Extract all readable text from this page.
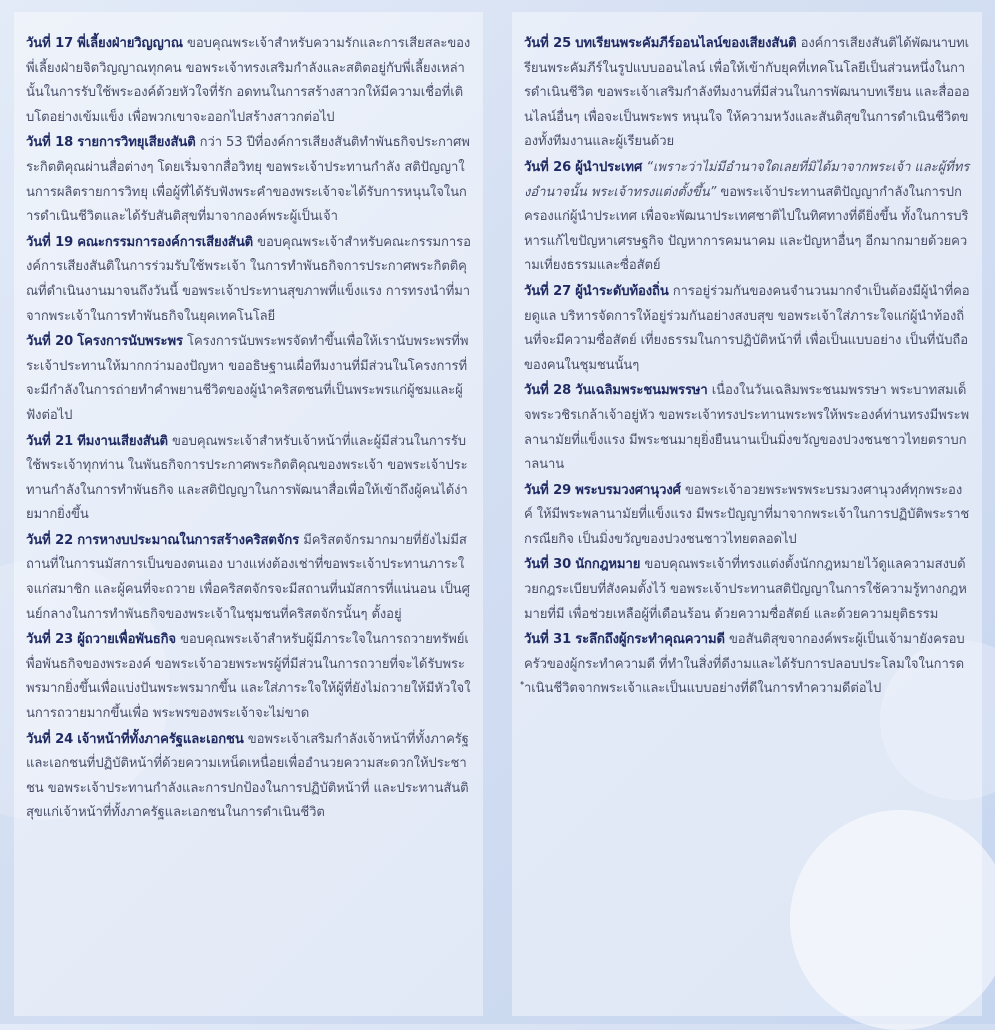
วันที่ 17 พี่เลี้ยงฝ่ายวิญญาณ ขอบคุณพระเจ้าสำหรับความรักและการเสียสละของพี่เลี้ยงฝ่ายจิตวิญญาณทุกคน ขอพระเจ้าทรงเสริมกำลังและสติตอยู่กับพี่เลี้ยงเหล่านั้นในการรับใช้พระองค์ด้วยหัวใจที่รัก อดทนในการสร้างสาวกให้มีความเชื่อที่เติบโตอย่างเข้มแข็ง เพื่อพวกเขาจะออกไปสร้างสาวกต่อไป

วันที่ 18 รายการวิทยุเสียงสันติ กว่า 53 ปีที่องค์การเสียงสันติทำพันธกิจประกาศพระกิตติคุณผ่านสื่อต่างๆ โดยเริ่มจากสื่อวิทยุ ขอพระเจ้าประทานกำลัง สติปัญญาในการผลิตรายการวิทยุ เพื่อผู้ที่ได้รับฟังพระคำของพระเจ้าจะได้รับการหนุนใจในการดำเนินชีวิตและได้รับสันติสุขที่มาจากองค์พระผู้เป็นเจ้า

วันที่ 19 คณะกรรมการองค์การเสียงสันติ ขอบคุณพระเจ้าสำหรับคณะกรรมการองค์การเสียงสันติในการร่วมรับใช้พระเจ้า ในการทำพันธกิจการประกาศพระกิตติคุณที่ดำเนินงานมาจนถึงวันนี้ ขอพระเจ้าประทานสุขภาพที่แข็งแรง การทรงนำที่มาจากพระเจ้าในการทำพันธกิจในยุคเทคโนโลยี

วันที่ 20 โครงการนับพระพร โครงการนับพระพรจัดทำขึ้นเพื่อให้เรานับพระพรที่พระเจ้าประทานให้มากกว่ามองปัญหา ขออธิษฐานเผื่อทีมงานที่มีส่วนในโครงการที่จะมีกำลังในการถ่ายทำคำพยานชีวิตของผู้นำคริสตชนที่เป็นพระพรแก่ผู้ชมและผู้ฟังต่อไป

วันที่ 21 ทีมงานเสียงสันติ ขอบคุณพระเจ้าสำหรับเจ้าหน้าที่และผู้มีส่วนในการรับใช้พระเจ้าทุกท่าน ในพันธกิจการประกาศพระกิตติคุณของพระเจ้า ขอพระเจ้าประทานกำลังในการทำพันธกิจ และสติปัญญาในการพัฒนาสื่อเพื่อให้เข้าถึงผู้คนได้ง่ายมากยิ่งขึ้น

วันที่ 22 การหางบประมาณในการสร้างคริสตจักร มีคริสตจักรมากมายที่ยังไม่มีสถานที่ในการนมัสการเป็นของตนเอง บางแห่งต้องเช่าที่ขอพระเจ้าประทานภาระใจแก่สมาชิก และผู้คนที่จะถวาย เพื่อคริสตจักรจะมีสถานที่นมัสการที่แน่นอน เป็นศูนย์กลางในการทำพันธกิจของพระเจ้าในชุมชนที่คริสตจักรนั้นๆ ตั้งอยู่

วันที่ 23 ผู้ถวายเพื่อพันธกิจ ขอบคุณพระเจ้าสำหรับผู้มีภาระใจในการถวายทรัพย์เพื่อพันธกิจของพระองค์ ขอพระเจ้าอวยพระพรผู้ที่มีส่วนในการถวายที่จะได้รับพระพรมากยิ่งขึ้นเพื่อแบ่งปันพระพรมากขึ้น และใส่ภาระใจให้ผู้ที่ยังไม่ถวายให้มีหัวใจในการถวายมากขึ้นเพื่อ พระพรของพระเจ้าจะไม่ขาด

วันที่ 24 เจ้าหน้าที่ทั้งภาครัฐและเอกชน ขอพระเจ้าเสริมกำลังเจ้าหน้าที่ทั้งภาครัฐและเอกชนที่ปฏิบัติหน้าที่ด้วยความเหน็ดเหนื่อยเพื่ออำนวยความสะดวกให้ประชาชน ขอพระเจ้าประทานกำลังและการปกป้องในการปฏิบัติหน้าที่ และประทานสันติสุขแก่เจ้าหน้าที่ทั้งภาครัฐและเอกชนในการดำเนินชีวิต

วันที่ 25 บทเรียนพระคัมภีร์ออนไลน์ของเสียงสันติ องค์การเสียงสันติได้พัฒนาบทเรียนพระคัมภีร์ในรูปแบบออนไลน์ เพื่อให้เข้ากับยุคที่เทคโนโลยีเป็นส่วนหนึ่งในการดำเนินชีวิต ขอพระเจ้าเสริมกำลังทีมงานที่มีส่วนในการพัฒนาบทเรียน และสื่อออนไลน์อื่นๆ เพื่อจะเป็นพระพร หนุนใจ ให้ความหวังและสันติสุขในการดำเนินชีวิตของทั้งทีมงานและผู้เรียนด้วย

วันที่ 26 ผู้นำประเทศ “เพราะว่าไม่มีอำนาจใดเลยที่มิได้มาจากพระเจ้า และผู้ที่ทรงอำนาจนั้น พระเจ้าทรงแต่งตั้งขึ้น” ขอพระเจ้าประทานสติปัญญากำลังในการปกครองแก่ผู้นำประเทศ เพื่อจะพัฒนาประเทศชาติไปในทิศทางที่ดียิ่งขึ้น ทั้งในการบริหารแก้ไขปัญหาเศรษฐกิจ ปัญหาการคมนาคม และปัญหาอื่นๆ อีกมากมายด้วยความเที่ยงธรรมและซื่อสัตย์

วันที่ 27 ผู้นำระดับท้องถิ่น การอยู่ร่วมกันของคนจำนวนมากจำเป็นต้องมีผู้นำที่คอยดูแล บริหารจัดการให้อยู่ร่วมกันอย่างสงบสุข ขอพระเจ้าใส่ภาระใจแก่ผู้นำท้องถิ่นที่จะมีความซื่อสัตย์ เที่ยงธรรมในการปฏิบัติหน้าที่ เพื่อเป็นแบบอย่าง เป็นที่นับถือของคนในชุมชนนั้นๆ

วันที่ 28 วันเฉลิมพระชนมพรรษา เนื่องในวันเฉลิมพระชนมพรรษา พระบาทสมเด็จพระวชิรเกล้าเจ้าอยู่หัว ขอพระเจ้าทรงประทานพระพรให้พระองค์ท่านทรงมีพระพลานามัยที่แข็งแรง มีพระชนมายุยิ่งยืนนานเป็นมิ่งขวัญของปวงชนชาวไทยตราบกาลนาน

วันที่ 29 พระบรมวงศานุวงศ์ ขอพระเจ้าอวยพระพรพระบรมวงศานุวงศ์ทุกพระองค์ ให้มีพระพลานามัยที่แข็งแรง มีพระปัญญาที่มาจากพระเจ้าในการปฏิบัติพระราชกรณียกิจ เป็นมิ่งขวัญของปวงชนชาวไทยตลอดไป

วันที่ 30 นักกฎหมาย ขอบคุณพระเจ้าที่ทรงแต่งตั้งนักกฎหมายไว้ดูแลความสงบด้วยกฎระเบียบที่สังคมตั้งไว้ ขอพระเจ้าประทานสติปัญญาในการใช้ความรู้ทางกฎหมายที่มี เพื่อช่วยเหลือผู้ที่เดือนร้อน ด้วยความซื่อสัตย์ และด้วยความยุติธรรม

วันที่ 31 ระลึกถึงผู้กระทำคุณความดี ขอสันติสุขจากองค์พระผู้เป็นเจ้ามายังครอบครัวของผู้กระทำความดี ที่ทำในสิ่งที่ดีงามและได้รับการปลอบประโลมใจในการดำเนินชีวิตจากพระเจ้าและเป็นแบบอย่างที่ดีในการทำความดีต่อไป
